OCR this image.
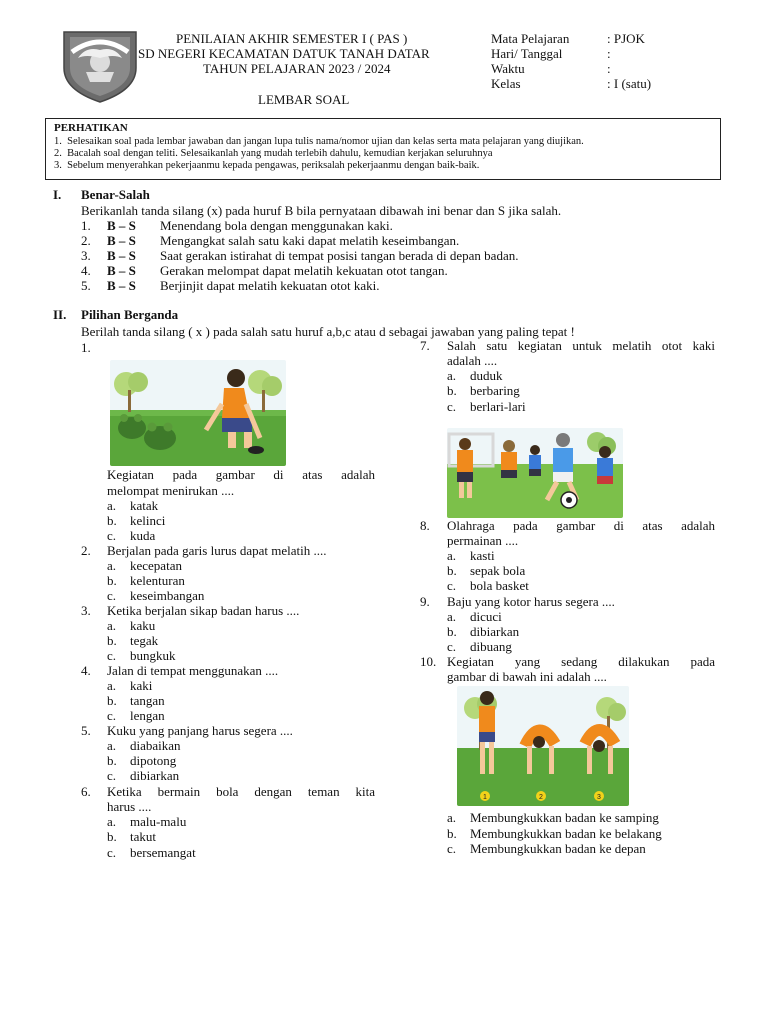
PENILAIAN AKHIR SEMESTER I ( PAS )
SD NEGERI KECAMATAN DATUK TANAH DATAR
TAHUN PELAJARAN 2023 / 2024
LEMBAR SOAL
Mata Pelajaran	: PJOK
Hari/ Tanggal	:
Waktu	:
Kelas	: I (satu)
PERHATIKAN
1.  Selesaikan soal pada lembar jawaban dan jangan lupa tulis nama/nomor ujian dan kelas serta mata pelajaran yang diujikan.
2.  Bacalah soal dengan teliti. Selesaikanlah yang mudah terlebih dahulu, kemudian kerjakan seluruhnya
3.  Sebelum menyerahkan pekerjaanmu kepada pengawas, periksalah pekerjaanmu dengan baik-baik.
I. Benar-Salah
Berikanlah tanda silang (x) pada huruf B bila pernyataan dibawah ini benar dan S jika salah.
1. B – S Menendang bola dengan menggunakan kaki.
2. B – S Mengangkat salah satu kaki dapat melatih keseimbangan.
3. B – S Saat gerakan istirahat di tempat posisi tangan berada di depan badan.
4. B – S Gerakan melompat dapat melatih kekuatan otot tangan.
5. B – S Berjinjit dapat melatih kekuatan otot kaki.
II. Pilihan Berganda
Berilah tanda silang ( x ) pada salah satu huruf a,b,c atau d sebagai jawaban yang paling tepat !
1.
Kegiatan pada gambar di atas adalah
melompat menirukan ....
a. katak
b. kelinci
c. kuda
2. Berjalan pada garis lurus dapat melatih ....
a. kecepatan
b. kelenturan
c. keseimbangan
3. Ketika berjalan sikap badan harus ....
a. kaku
b. tegak
c. bungkuk
4. Jalan di tempat menggunakan ....
a. kaki
b. tangan
c. lengan
5. Kuku yang panjang harus segera ....
a. diabaikan
b. dipotong
c. dibiarkan
6. Ketika bermain bola dengan teman kita
harus ....
a. malu-malu
b. takut
c. bersemangat
7. Salah satu kegiatan untuk melatih otot kaki
adalah ....
a. duduk
b. berbaring
c. berlari-lari
8. Olahraga pada gambar di atas adalah
permainan ....
a. kasti
b. sepak bola
c. bola basket
9. Baju yang kotor harus segera ....
a. dicuci
b. dibiarkan
c. dibuang
10. Kegiatan yang sedang dilakukan pada
gambar di bawah ini adalah ....
1	2	3
a. Membungkukkan badan ke samping
b. Membungkukkan badan ke belakang
c. Membungkukkan badan ke depan
